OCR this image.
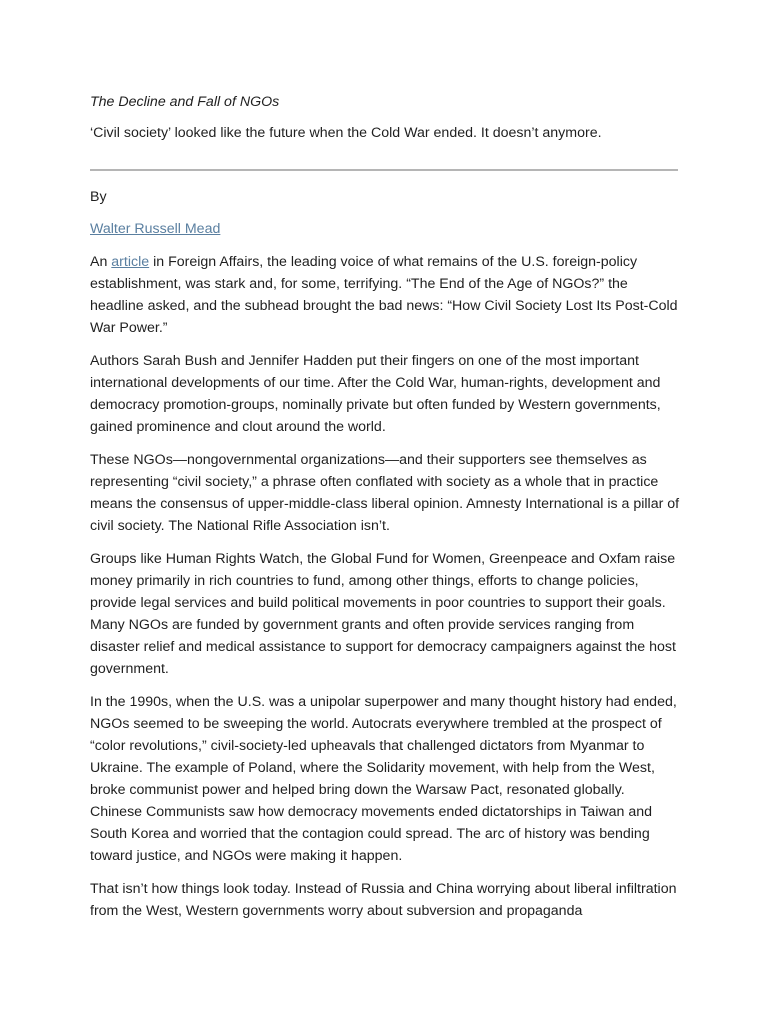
The Decline and Fall of NGOs
‘Civil society’ looked like the future when the Cold War ended. It doesn’t anymore.
By
Walter Russell Mead

An article in Foreign Affairs, the leading voice of what remains of the U.S. foreign-policy establishment, was stark and, for some, terrifying. “The End of the Age of NGOs?” the headline asked, and the subhead brought the bad news: “How Civil Society Lost Its Post-Cold War Power.”

Authors Sarah Bush and Jennifer Hadden put their fingers on one of the most important international developments of our time. After the Cold War, human-rights, development and democracy promotion-groups, nominally private but often funded by Western governments, gained prominence and clout around the world.

These NGOs—nongovernmental organizations—and their supporters see themselves as representing “civil society,” a phrase often conflated with society as a whole that in practice means the consensus of upper-middle-class liberal opinion. Amnesty International is a pillar of civil society. The National Rifle Association isn’t.

Groups like Human Rights Watch, the Global Fund for Women, Greenpeace and Oxfam raise money primarily in rich countries to fund, among other things, efforts to change policies, provide legal services and build political movements in poor countries to support their goals. Many NGOs are funded by government grants and often provide services ranging from disaster relief and medical assistance to support for democracy campaigners against the host government.

In the 1990s, when the U.S. was a unipolar superpower and many thought history had ended, NGOs seemed to be sweeping the world. Autocrats everywhere trembled at the prospect of “color revolutions,” civil-society-led upheavals that challenged dictators from Myanmar to Ukraine. The example of Poland, where the Solidarity movement, with help from the West, broke communist power and helped bring down the Warsaw Pact, resonated globally. Chinese Communists saw how democracy movements ended dictatorships in Taiwan and South Korea and worried that the contagion could spread. The arc of history was bending toward justice, and NGOs were making it happen.

That isn’t how things look today. Instead of Russia and China worrying about liberal infiltration from the West, Western governments worry about subversion and propaganda
